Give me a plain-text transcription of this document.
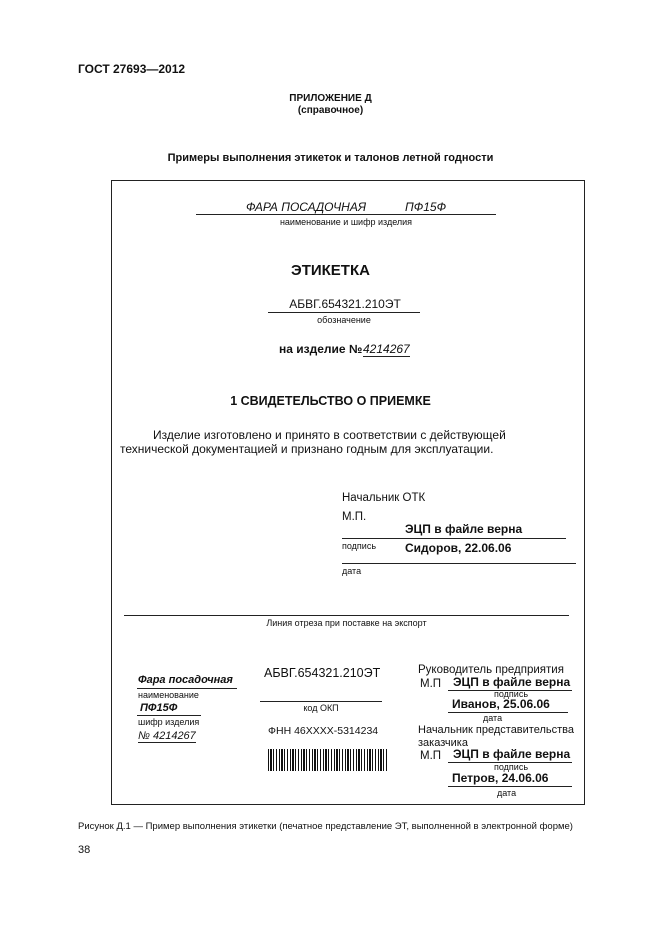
ГОСТ 27693—2012
ПРИЛОЖЕНИЕ Д
(справочное)
Примеры выполнения этикеток и талонов летной годности
ФАРА ПОСАДОЧНАЯ	ПФ15Ф
наименование и шифр изделия
ЭТИКЕТКА
АБВГ.654321.210ЭТ
обозначение
на изделие № 4214267
1 СВИДЕТЕЛЬСТВО О ПРИЕМКЕ
Изделие изготовлено и принято в соответствии с действующей
технической документацией и признано годным для эксплуатации.
Начальник ОТК
М.П.
ЭЦП в файле верна
подпись Сидоров, 22.06.06
дата
Линия отреза при поставке на экспорт
Фара посадочная
наименование
ПФ15Ф
шифр изделия
№ 4214267
АБВГ.654321.210ЭТ
код ОКП
ФНН 46XXXX-5314234
Руководитель предприятия
М.П ЭЦП в файле верна
подпись
Иванов, 25.06.06
дата
Начальник представительства
заказчика
М.П ЭЦП в файле верна
подпись
Петров, 24.06.06
дата
Рисунок Д.1 — Пример выполнения этикетки (печатное представление ЭТ, выполненной в электронной форме)
38
